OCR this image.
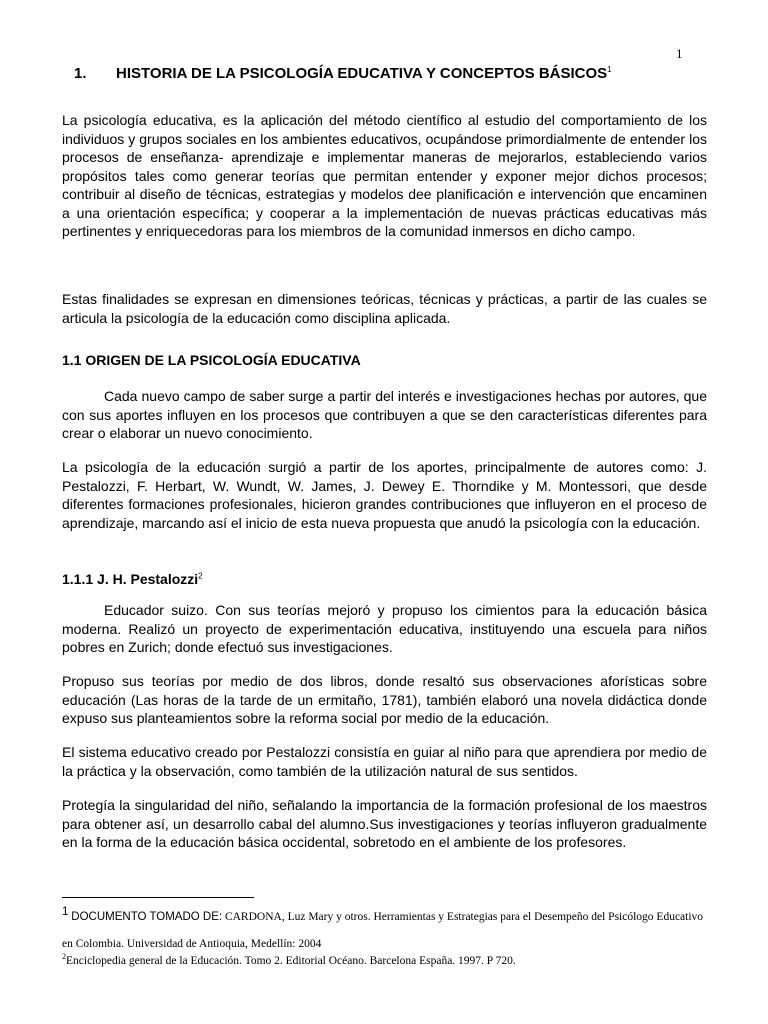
1
1. HISTORIA DE LA PSICOLOGÍA EDUCATIVA Y CONCEPTOS BÁSICOS$^1$

La psicología educativa, es la aplicación del método científico al estudio del comportamiento de los individuos y grupos sociales en los ambientes educativos, ocupándose primordialmente de entender los procesos de enseñanza- aprendizaje e implementar maneras de mejorarlos, estableciendo varios propósitos tales como generar teorías que permitan entender y exponer mejor dichos procesos; contribuir al diseño de técnicas, estrategias y modelos dee planificación e intervención que encaminen a una orientación específica; y cooperar a la implementación de nuevas prácticas educativas más pertinentes y enriquecedoras para los miembros de la comunidad inmersos en dicho campo.

Estas finalidades se expresan en dimensiones teóricas, técnicas y prácticas, a partir de las cuales se articula la psicología de la educación como disciplina aplicada.

1.1 ORIGEN DE LA PSICOLOGÍA EDUCATIVA

Cada nuevo campo de saber surge a partir del interés e investigaciones hechas por autores, que con sus aportes influyen en los procesos que contribuyen a que se den características diferentes para crear o elaborar un nuevo conocimiento.

La psicología de la educación surgió a partir de los aportes, principalmente de autores como: J. Pestalozzi, F. Herbart, W. Wundt, W. James, J. Dewey E. Thorndike y M. Montessori, que desde diferentes formaciones profesionales, hicieron grandes contribuciones que influyeron en el proceso de aprendizaje, marcando así el inicio de esta nueva propuesta que anudó la psicología con la educación.

1.1.1 J. H. Pestalozzi$^2$

Educador suizo. Con sus teorías mejoró y propuso los cimientos para la educación básica moderna. Realizó un proyecto de experimentación educativa, instituyendo una escuela para niños pobres en Zurich; donde efectuó sus investigaciones.

Propuso sus teorías por medio de dos libros, donde resaltó sus observaciones aforísticas sobre educación (Las horas de la tarde de un ermitaño, 1781), también elaboró una novela didáctica donde expuso sus planteamientos sobre la reforma social por medio de la educación.

El sistema educativo creado por Pestalozzi consistía en guiar al niño para que aprendiera por medio de la práctica y la observación, como también de la utilización natural de sus sentidos.

Protegía la singularidad del niño, señalando la importancia de la formación profesional de los maestros para obtener así, un desarrollo cabal del alumno.Sus investigaciones y teorías influyeron gradualmente en la forma de la educación básica occidental, sobretodo en el ambiente de los profesores.

$^1$ DOCUMENTO TOMADO DE: CARDONA, Luz Mary y otros. Herramientas y Estrategias para el Desempeño del Psicólogo Educativo en Colombia. Universidad de Antioquia, Medellín: 2004
$^2$Enciclopedia general de la Educación. Tomo 2. Editorial Océano. Barcelona España. 1997. P 720.
